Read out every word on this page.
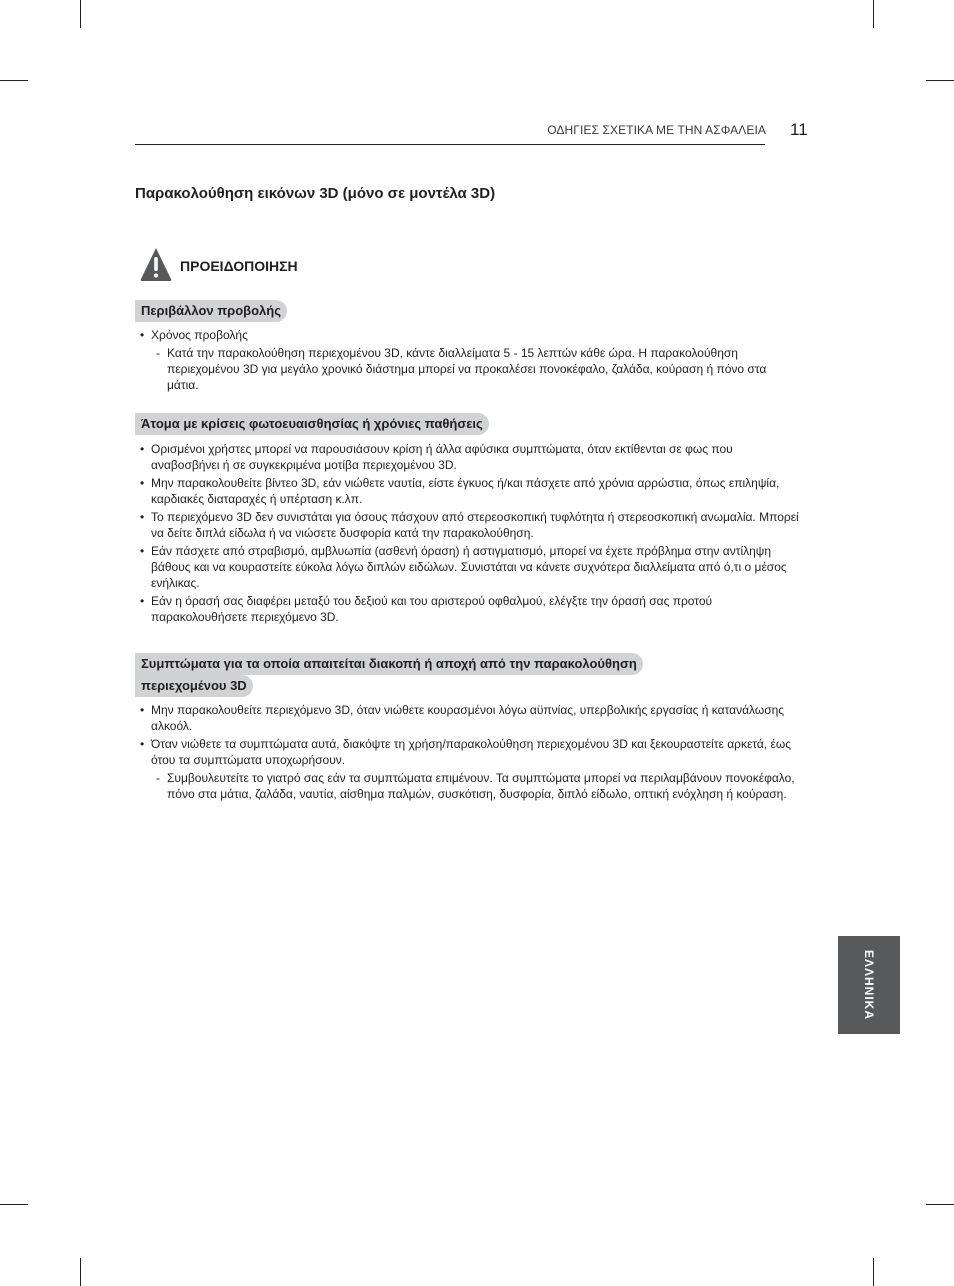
ΟΔΗΓΙΕΣ ΣΧΕΤΙΚΑ ΜΕ ΤΗΝ ΑΣΦΑΛΕΙΑ 11
Παρακολούθηση εικόνων 3D (μόνο σε μοντέλα 3D)
ΠΡΟΕΙΔΟΠΟΙΗΣΗ
Περιβάλλον προβολής
• Χρόνος προβολής
- Κατά την παρακολούθηση περιεχομένου 3D, κάντε διαλλείματα 5 - 15 λεπτών κάθε ώρα. Η παρακολούθηση περιεχομένου 3D για μεγάλο χρονικό διάστημα μπορεί να προκαλέσει πονοκέφαλο, ζαλάδα, κούραση ή πόνο στα μάτια.
Άτομα με κρίσεις φωτοευαισθησίας ή χρόνιες παθήσεις
• Ορισμένοι χρήστες μπορεί να παρουσιάσουν κρίση ή άλλα αφύσικα συμπτώματα, όταν εκτίθενται σε φως που αναβοσβήνει ή σε συγκεκριμένα μοτίβα περιεχομένου 3D.
• Μην παρακολουθείτε βίντεο 3D, εάν νιώθετε ναυτία, είστε έγκυος ή/και πάσχετε από χρόνια αρρώστια, όπως επιληψία, καρδιακές διαταραχές ή υπέρταση κ.λπ.
• Το περιεχόμενο 3D δεν συνιστάται για όσους πάσχουν από στερεοσκοπική τυφλότητα ή στερεοσκοπική ανωμαλία. Μπορεί να δείτε διπλά είδωλα ή να νιώσετε δυσφορία κατά την παρακολούθηση.
• Εάν πάσχετε από στραβισμό, αμβλυωπία (ασθενή όραση) ή αστιγματισμό, μπορεί να έχετε πρόβλημα στην αντίληψη βάθους και να κουραστείτε εύκολα λόγω διπλών ειδώλων. Συνιστάται να κάνετε συχνότερα διαλλείματα από ό,τι ο μέσος ενήλικας.
• Εάν η όρασή σας διαφέρει μεταξύ του δεξιού και του αριστερού οφθαλμού, ελέγξτε την όρασή σας προτού παρακολουθήσετε περιεχόμενο 3D.
Συμπτώματα για τα οποία απαιτείται διακοπή ή αποχή από την παρακολούθηση
περιεχομένου 3D
• Μην παρακολουθείτε περιεχόμενο 3D, όταν νιώθετε κουρασμένοι λόγω αϋπνίας, υπερβολικής εργασίας ή κατανάλωσης αλκοόλ.
• Όταν νιώθετε τα συμπτώματα αυτά, διακόψτε τη χρήση/παρακολούθηση περιεχομένου 3D και ξεκουραστείτε αρκετά, έως ότου τα συμπτώματα υποχωρήσουν.
- Συμβουλευτείτε το γιατρό σας εάν τα συμπτώματα επιμένουν. Τα συμπτώματα μπορεί να περιλαμβάνουν πονοκέφαλο, πόνο στα μάτια, ζαλάδα, ναυτία, αίσθημα παλμών, συσκότιση, δυσφορία, διπλό είδωλο, οπτική ενόχληση ή κούραση.
ΕΛΛΗΝΙΚΑ
